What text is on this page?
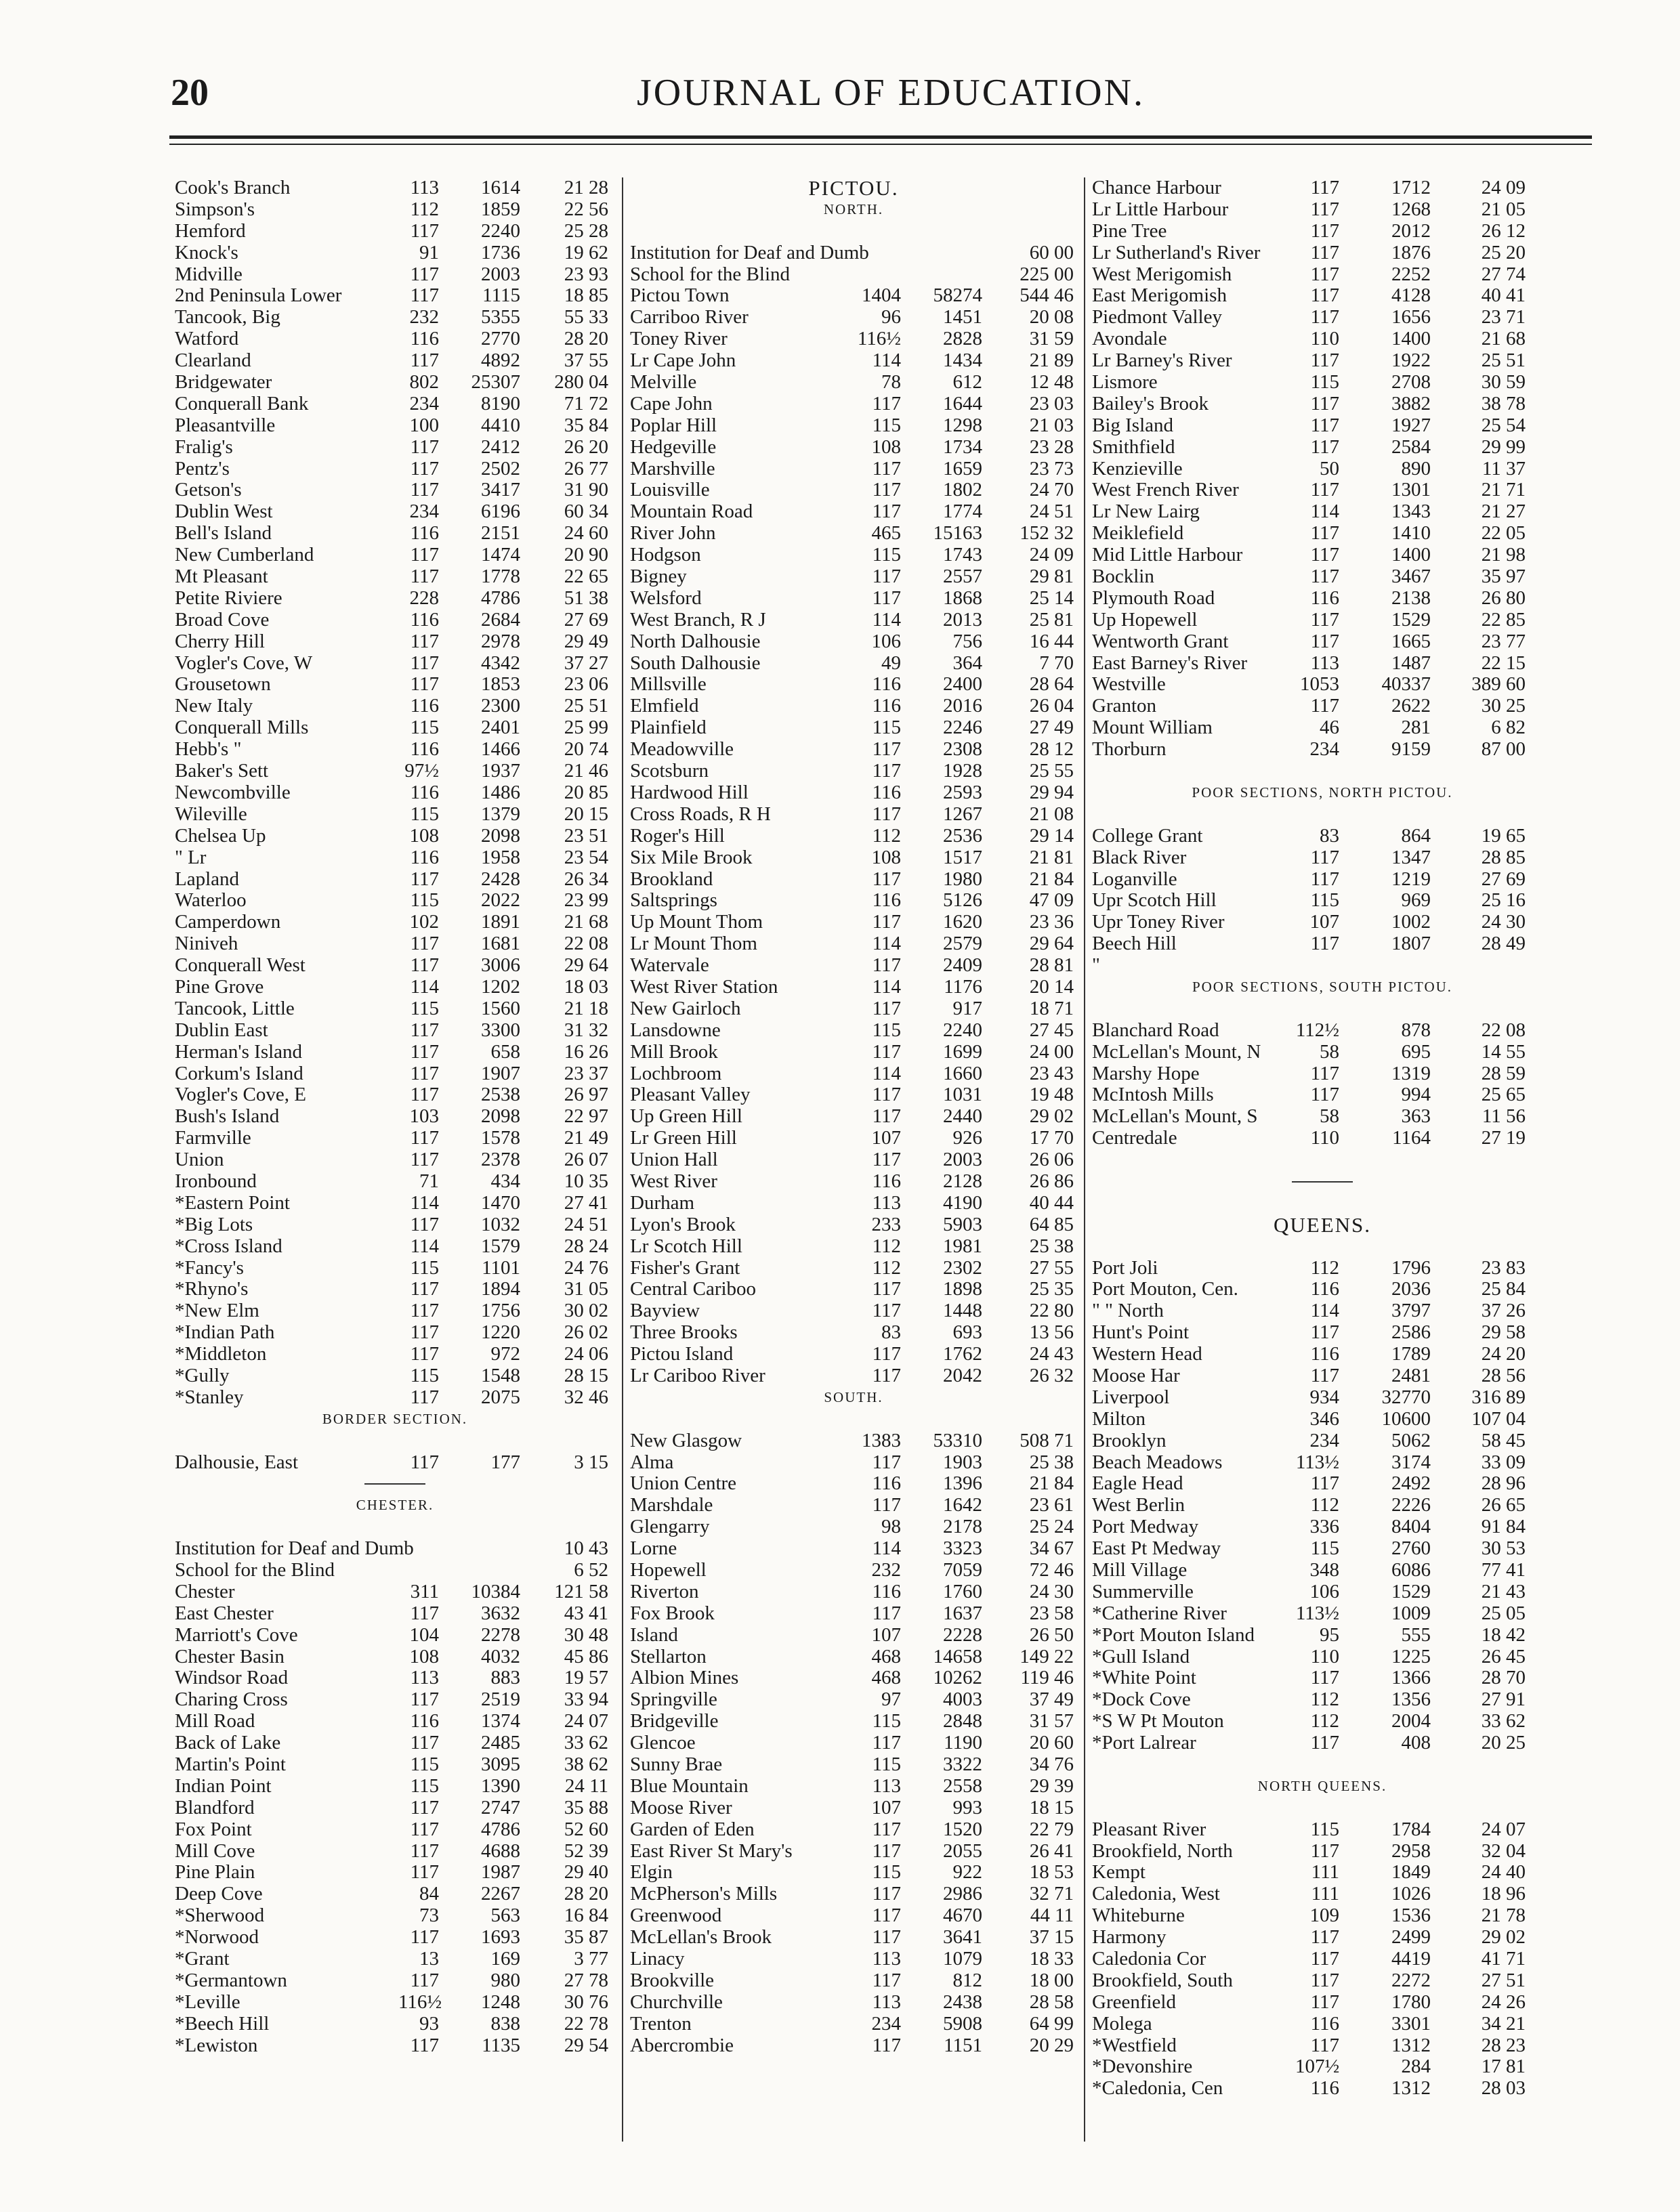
20	JOURNAL OF EDUCATION.
Cook's Branch	113	1614	21 28
Simpson's	112	1859	22 56
Hemford	117	2240	25 28
Knock's	91	1736	19 62
Midville	117	2003	23 93
2nd Peninsula Lower	117	1115	18 85
Tancook, Big	232	5355	55 33
Watford	116	2770	28 20
Clearland	117	4892	37 55
Bridgewater	802	25307	280 04
Conquerall Bank	234	8190	71 72
Pleasantville	100	4410	35 84
Fralig's	117	2412	26 20
Pentz's	117	2502	26 77
Getson's	117	3417	31 90
Dublin West	234	6196	60 34
Bell's Island	116	2151	24 60
New Cumberland	117	1474	20 90
Mt Pleasant	117	1778	22 65
Petite Riviere	228	4786	51 38
Broad Cove	116	2684	27 69
Cherry Hill	117	2978	29 49
Vogler's Cove, W	117	4342	37 27
Grousetown	117	1853	23 06
New Italy	116	2300	25 51
Conquerall Mills	115	2401	25 99
Hebb's "	116	1466	20 74
Baker's Sett	97½	1937	21 46
Newcombville	116	1486	20 85
Wileville	115	1379	20 15
Chelsea Up	108	2098	23 51
" Lr	116	1958	23 54
Lapland	117	2428	26 34
Waterloo	115	2022	23 99
Camperdown	102	1891	21 68
Niniveh	117	1681	22 08
Conquerall West	117	3006	29 64
Pine Grove	114	1202	18 03
Tancook, Little	115	1560	21 18
Dublin East	117	3300	31 32
Herman's Island	117	658	16 26
Corkum's Island	117	1907	23 37
Vogler's Cove, E	117	2538	26 97
Bush's Island	103	2098	22 97
Farmville	117	1578	21 49
Union	117	2378	26 07
Ironbound	71	434	10 35
*Eastern Point	114	1470	27 41
*Big Lots	117	1032	24 51
*Cross Island	114	1579	28 24
*Fancy's	115	1101	24 76
*Rhyno's	117	1894	31 05
*New Elm	117	1756	30 02
*Indian Path	117	1220	26 02
*Middleton	117	972	24 06
*Gully	115	1548	28 15
*Stanley	117	2075	32 46
BORDER SECTION.
Dalhousie, East	117	177	3 15
CHESTER.
Institution for Deaf and Dumb	10 43
School for the Blind	6 52
Chester	311	10384	121 58
East Chester	117	3632	43 41
Marriott's Cove	104	2278	30 48
Chester Basin	108	4032	45 86
Windsor Road	113	883	19 57
Charing Cross	117	2519	33 94
Mill Road	116	1374	24 07
Back of Lake	117	2485	33 62
Martin's Point	115	3095	38 62
Indian Point	115	1390	24 11
Blandford	117	2747	35 88
Fox Point	117	4786	52 60
Mill Cove	117	4688	52 39
Pine Plain	117	1987	29 40
Deep Cove	84	2267	28 20
*Sherwood	73	563	16 84
*Norwood	117	1693	35 87
*Grant	13	169	3 77
*Germantown	117	980	27 78
*Leville	116½	1248	30 76
*Beech Hill	93	838	22 78
*Lewiston	117	1135	29 54
PICTOU.
NORTH.
Institution for Deaf and Dumb	60 00
School for the Blind	225 00
Pictou Town	1404	58274	544 46
Carriboo River	96	1451	20 08
Toney River	116½	2828	31 59
Lr Cape John	114	1434	21 89
Melville	78	612	12 48
Cape John	117	1644	23 03
Poplar Hill	115	1298	21 03
Hedgeville	108	1734	23 28
Marshville	117	1659	23 73
Louisville	117	1802	24 70
Mountain Road	117	1774	24 51
River John	465	15163	152 32
Hodgson	115	1743	24 09
Bigney	117	2557	29 81
Welsford	117	1868	25 14
West Branch, R J	114	2013	25 81
North Dalhousie	106	756	16 44
South Dalhousie	49	364	7 70
Millsville	116	2400	28 64
Elmfield	116	2016	26 04
Plainfield	115	2246	27 49
Meadowville	117	2308	28 12
Scotsburn	117	1928	25 55
Hardwood Hill	116	2593	29 94
Cross Roads, R H	117	1267	21 08
Roger's Hill	112	2536	29 14
Six Mile Brook	108	1517	21 81
Brookland	117	1980	21 84
Saltsprings	116	5126	47 09
Up Mount Thom	117	1620	23 36
Lr Mount Thom	114	2579	29 64
Watervale	117	2409	28 81
West River Station	114	1176	20 14
New Gairloch	117	917	18 71
Lansdowne	115	2240	27 45
Mill Brook	117	1699	24 00
Lochbroom	114	1660	23 43
Pleasant Valley	117	1031	19 48
Up Green Hill	117	2440	29 02
Lr Green Hill	107	926	17 70
Union Hall	117	2003	26 06
West River	116	2128	26 86
Durham	113	4190	40 44
Lyon's Brook	233	5903	64 85
Lr Scotch Hill	112	1981	25 38
Fisher's Grant	112	2302	27 55
Central Cariboo	117	1898	25 35
Bayview	117	1448	22 80
Three Brooks	83	693	13 56
Pictou Island	117	1762	24 43
Lr Cariboo River	117	2042	26 32
SOUTH.
New Glasgow	1383	53310	508 71
Alma	117	1903	25 38
Union Centre	116	1396	21 84
Marshdale	117	1642	23 61
Glengarry	98	2178	25 24
Lorne	114	3323	34 67
Hopewell	232	7059	72 46
Riverton	116	1760	24 30
Fox Brook	117	1637	23 58
Island	107	2228	26 50
Stellarton	468	14658	149 22
Albion Mines	468	10262	119 46
Springville	97	4003	37 49
Bridgeville	115	2848	31 57
Glencoe	117	1190	20 60
Sunny Brae	115	3322	34 76
Blue Mountain	113	2558	29 39
Moose River	107	993	18 15
Garden of Eden	117	1520	22 79
East River St Mary's	117	2055	26 41
Elgin	115	922	18 53
McPherson's Mills	117	2986	32 71
Greenwood	117	4670	44 11
McLellan's Brook	117	3641	37 15
Linacy	113	1079	18 33
Brookville	117	812	18 00
Churchville	113	2438	28 58
Trenton	234	5908	64 99
Abercrombie	117	1151	20 29
Chance Harbour	117	1712	24 09
Lr Little Harbour	117	1268	21 05
Pine Tree	117	2012	26 12
Lr Sutherland's River	117	1876	25 20
West Merigomish	117	2252	27 74
East Merigomish	117	4128	40 41
Piedmont Valley	117	1656	23 71
Avondale	110	1400	21 68
Lr Barney's River	117	1922	25 51
Lismore	115	2708	30 59
Bailey's Brook	117	3882	38 78
Big Island	117	1927	25 54
Smithfield	117	2584	29 99
Kenzieville	50	890	11 37
West French River	117	1301	21 71
Lr New Lairg	114	1343	21 27
Meiklefield	117	1410	22 05
Mid Little Harbour	117	1400	21 98
Bocklin	117	3467	35 97
Plymouth Road	116	2138	26 80
Up Hopewell	117	1529	22 85
Wentworth Grant	117	1665	23 77
East Barney's River	113	1487	22 15
Westville	1053	40337	389 60
Granton	117	2622	30 25
Mount William	46	281	6 82
Thorburn	234	9159	87 00
POOR SECTIONS, NORTH PICTOU.
College Grant	83	864	19 65
Black River	117	1347	28 85
Loganville	117	1219	27 69
Upr Scotch Hill	115	969	25 16
Upr Toney River	107	1002	24 30
Beech Hill	117	1807	28 49
"
POOR SECTIONS, SOUTH PICTOU.
Blanchard Road	112½	878	22 08
McLellan's Mount, N	58	695	14 55
Marshy Hope	117	1319	28 59
McIntosh Mills	117	994	25 65
McLellan's Mount, S	58	363	11 56
Centredale	110	1164	27 19
QUEENS.
Port Joli	112	1796	23 83
Port Mouton, Cen.	116	2036	25 84
" " North	114	3797	37 26
Hunt's Point	117	2586	29 58
Western Head	116	1789	24 20
Moose Har	117	2481	28 56
Liverpool	934	32770	316 89
Milton	346	10600	107 04
Brooklyn	234	5062	58 45
Beach Meadows	113½	3174	33 09
Eagle Head	117	2492	28 96
West Berlin	112	2226	26 65
Port Medway	336	8404	91 84
East Pt Medway	115	2760	30 53
Mill Village	348	6086	77 41
Summerville	106	1529	21 43
*Catherine River	113½	1009	25 05
*Port Mouton Island	95	555	18 42
*Gull Island	110	1225	26 45
*White Point	117	1366	28 70
*Dock Cove	112	1356	27 91
*S W Pt Mouton	112	2004	33 62
*Port Lalrear	117	408	20 25
NORTH QUEENS.
Pleasant River	115	1784	24 07
Brookfield, North	117	2958	32 04
Kempt	111	1849	24 40
Caledonia, West	111	1026	18 96
Whiteburne	109	1536	21 78
Harmony	117	2499	29 02
Caledonia Cor	117	4419	41 71
Brookfield, South	117	2272	27 51
Greenfield	117	1780	24 26
Molega	116	3301	34 21
*Westfield	117	1312	28 23
*Devonshire	107½	284	17 81
*Caledonia, Cen	116	1312	28 03
